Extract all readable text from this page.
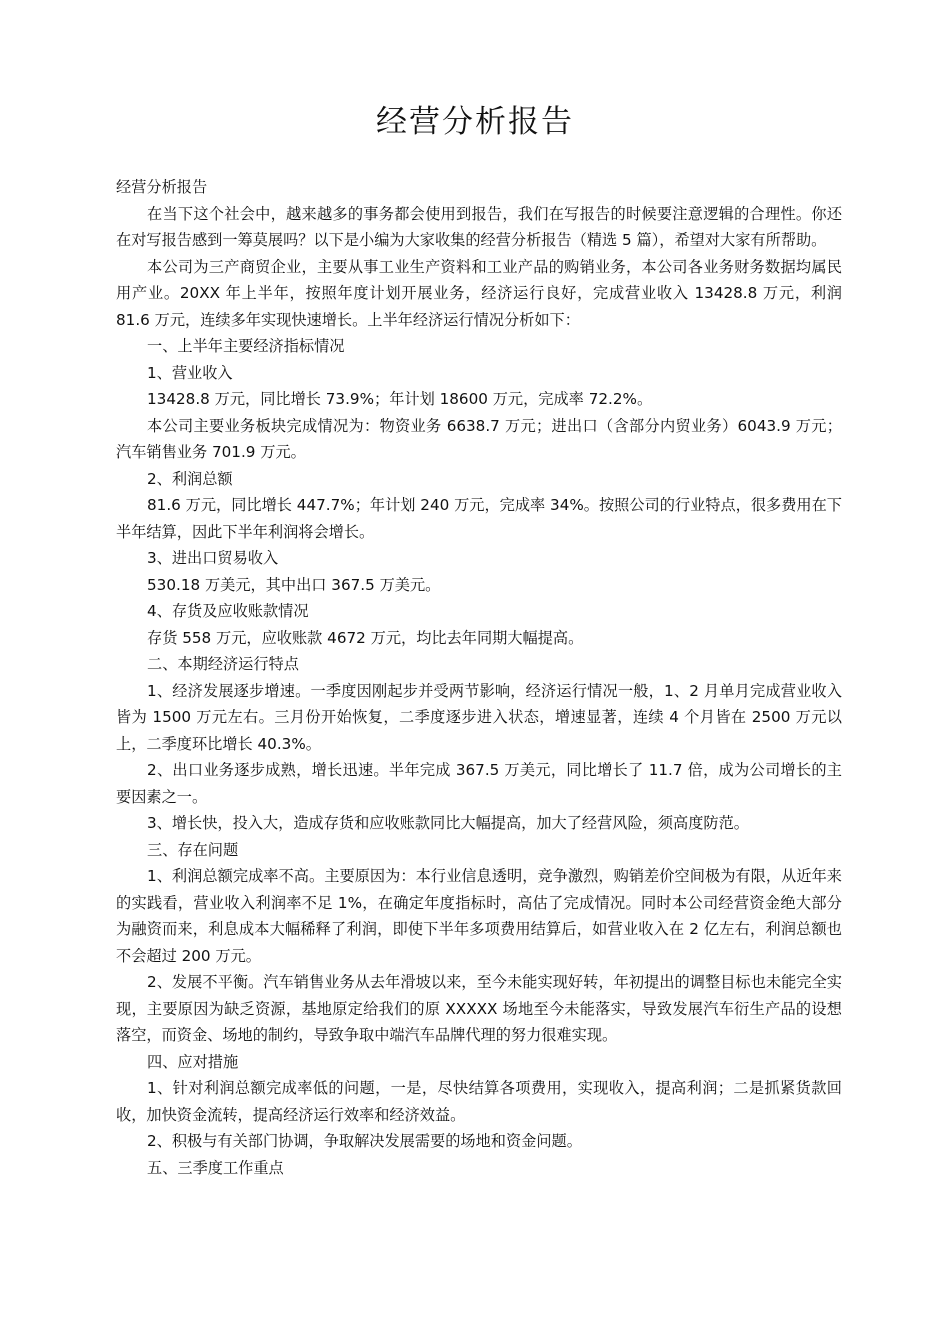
经营分析报告

经营分析报告

在当下这个社会中，越来越多的事务都会使用到报告，我们在写报告的时候要注意逻辑的合理性。你还在对写报告感到一筹莫展吗？以下是小编为大家收集的经营分析报告（精选 5 篇），希望对大家有所帮助。

本公司为三产商贸企业，主要从事工业生产资料和工业产品的购销业务，本公司各业务财务数据均属民用产业。20XX 年上半年，按照年度计划开展业务，经济运行良好，完成营业收入 13428.8 万元，利润 81.6 万元，连续多年实现快速增长。上半年经济运行情况分析如下：

一、上半年主要经济指标情况

1、营业收入

13428.8 万元，同比增长 73.9%；年计划 18600 万元，完成率 72.2%。

本公司主要业务板块完成情况为：物资业务 6638.7 万元；进出口（含部分内贸业务）6043.9 万元；汽车销售业务 701.9 万元。

2、利润总额

81.6 万元，同比增长 447.7%；年计划 240 万元，完成率 34%。按照公司的行业特点，很多费用在下半年结算，因此下半年利润将会增长。

3、进出口贸易收入

530.18 万美元，其中出口 367.5 万美元。

4、存货及应收账款情况

存货 558 万元，应收账款 4672 万元，均比去年同期大幅提高。

二、本期经济运行特点

1、经济发展逐步增速。一季度因刚起步并受两节影响，经济运行情况一般，1、2 月单月完成营业收入皆为 1500 万元左右。三月份开始恢复，二季度逐步进入状态，增速显著，连续 4 个月皆在 2500 万元以上，二季度环比增长 40.3%。

2、出口业务逐步成熟，增长迅速。半年完成 367.5 万美元，同比增长了 11.7 倍，成为公司增长的主要因素之一。

3、增长快，投入大，造成存货和应收账款同比大幅提高，加大了经营风险，须高度防范。

三、存在问题

1、利润总额完成率不高。主要原因为：本行业信息透明，竞争激烈，购销差价空间极为有限，从近年来的实践看，营业收入利润率不足 1%，在确定年度指标时，高估了完成情况。同时本公司经营资金绝大部分为融资而来，利息成本大幅稀释了利润，即使下半年多项费用结算后，如营业收入在 2 亿左右，利润总额也不会超过 200 万元。

2、发展不平衡。汽车销售业务从去年滑坡以来，至今未能实现好转，年初提出的调整目标也未能完全实现，主要原因为缺乏资源，基地原定给我们的原 XXXXX 场地至今未能落实，导致发展汽车衍生产品的设想落空，而资金、场地的制约，导致争取中端汽车品牌代理的努力很难实现。

四、应对措施

1、针对利润总额完成率低的问题，一是，尽快结算各项费用，实现收入，提高利润；二是抓紧货款回收，加快资金流转，提高经济运行效率和经济效益。

2、积极与有关部门协调，争取解决发展需要的场地和资金问题。

五、三季度工作重点
